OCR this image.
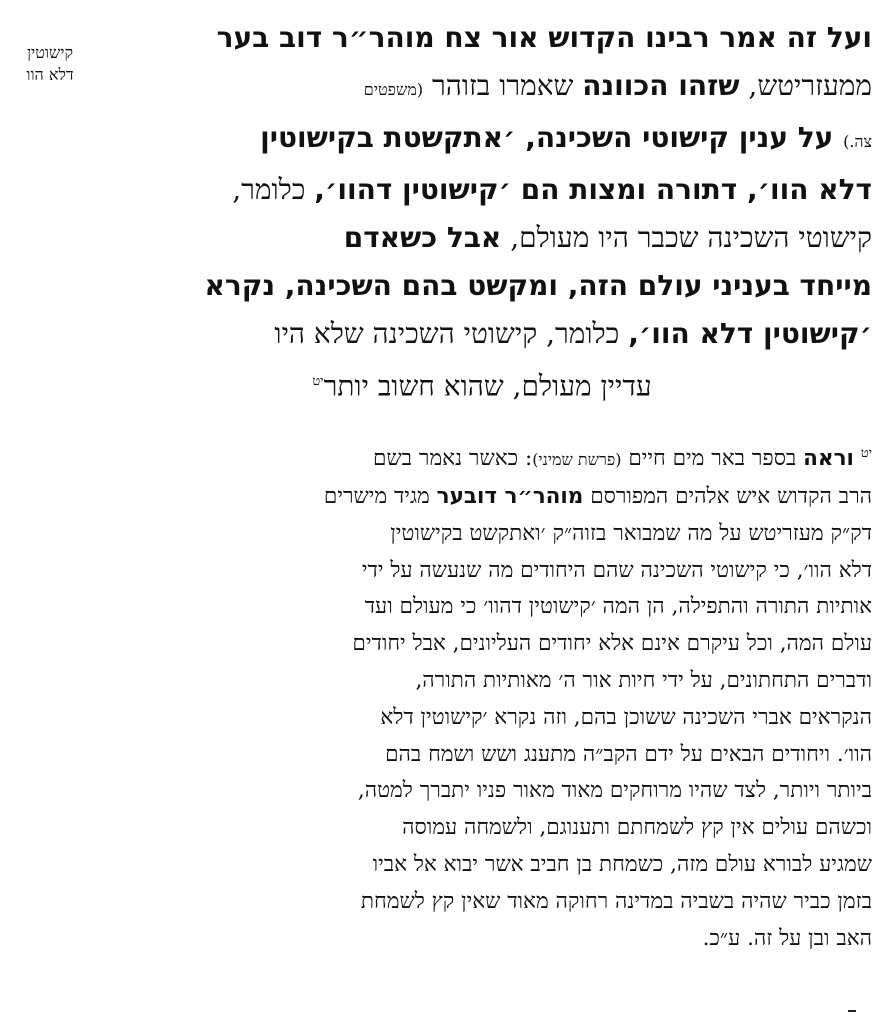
קישוטין
דלא הוו
ועל זה אמר רבינו הקדוש אור צח מוהר״ר דוב בער
ממעזריטש, שזהו הכוונה שאמרו בזוהר (משפטים
צה.) על ענין קישוטי השכינה, ׳אתקשטת בקישוטין
דלא הוו׳, דתורה ומצות הם ׳קישוטין דהוו׳, כלומר,
קישוטי השכינה שכבר היו מעולם, אבל כשאדם
מייחד בעניני עולם הזה, ומקשט בהם השכינה, נקרא
׳קישוטין דלא הוו׳, כלומר, קישוטי השכינה שלא היו
עדיין מעולם, שהוא חשוב יותר$^{יט}$
$^{יט}$ וראה בספר באר מים חיים (פרשת שמיני): כאשר נאמר בשם
הרב הקדוש איש אלהים המפורסם מוהר״ר דובער מגיד מישרים
דק״ק מעזריטש על מה שמבואר בזוה״ק ׳ואתקשט בקישוטין
דלא הוו׳, כי קישוטי השכינה שהם היחודים מה שנעשה על ידי
אותיות התורה והתפילה, הן המה ׳קישוטין דהוו׳ כי מעולם ועד
עולם המה, וכל עיקרם אינם אלא יחודים העליונים, אבל יחודים
ודברים התחתונים, על ידי חיות אור ה׳ מאותיות התורה,
הנקראים אברי השכינה ששוכן בהם, וזה נקרא ׳קישוטין דלא
הוו׳. ויחודים הבאים על ידם הקב״ה מתענג ושש ושמח בהם
ביותר ויותר, לצד שהיו מרוחקים מאוד מאור פניו יתברך למטה,
וכשהם עולים אין קץ לשמחתם ותענוגם, ולשמחה עמוסה
שמגיע לבורא עולם מזה, כשמחת בן חביב אשר יבוא אל אביו
בזמן כביר שהיה בשביה במדינה רחוקה מאוד שאין קץ לשמחת
האב ובן על זה. ע״כ.
